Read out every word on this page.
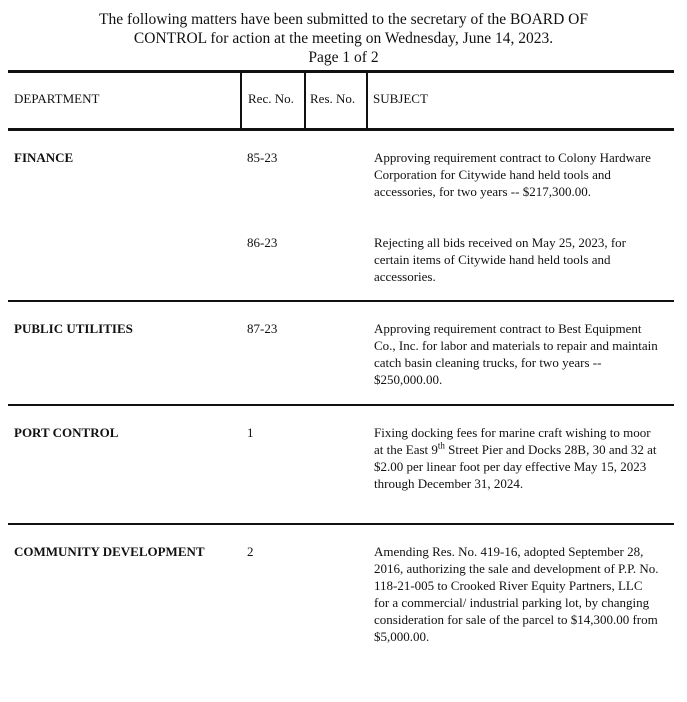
The following matters have been submitted to the secretary of the BOARD OF
CONTROL for action at the meeting on Wednesday, June 14, 2023.
Page 1 of 2
DEPARTMENT	Rec. No. Res. No. SUBJECT
FINANCE	85-23	Approving requirement contract to Colony Hardware Corporation for Citywide hand held tools and accessories, for two years -- $217,300.00.
86-23	Rejecting all bids received on May 25, 2023, for certain items of Citywide hand held tools and accessories.
PUBLIC UTILITIES	87-23	Approving requirement contract to Best Equipment Co., Inc. for labor and materials to repair and maintain catch basin cleaning trucks, for two years -- $250,000.00.
PORT CONTROL	1	Fixing docking fees for marine craft wishing to moor at the East 9th Street Pier and Docks 28B, 30 and 32 at $2.00 per linear foot per day effective May 15, 2023 through December 31, 2024.
COMMUNITY DEVELOPMENT	2	Amending Res. No. 419-16, adopted September 28, 2016, authorizing the sale and development of P.P. No. 118-21-005 to Crooked River Equity Partners, LLC for a commercial/ industrial parking lot, by changing consideration for sale of the parcel to $14,300.00 from $5,000.00.
